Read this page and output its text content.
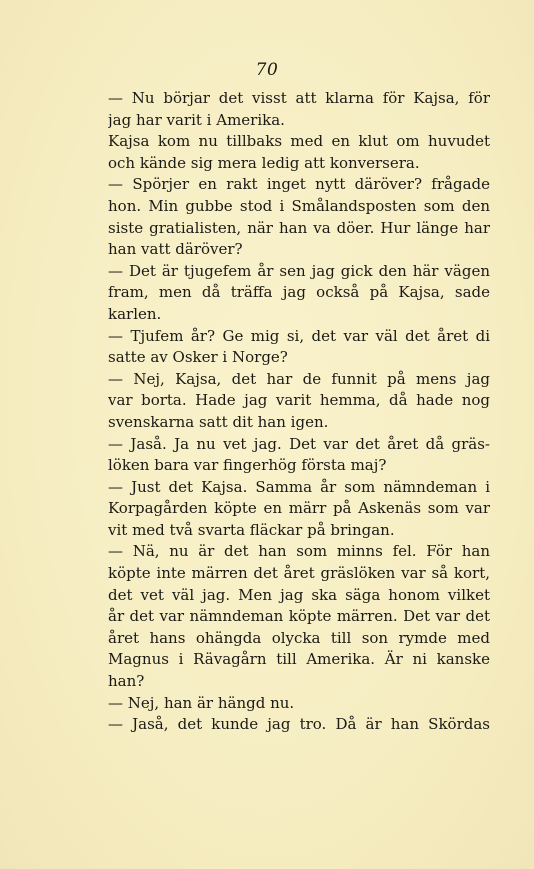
70
— Nu börjar det visst att klarna för Kajsa, för
jag har varit i Amerika.
Kajsa kom nu tillbaks med en klut om huvudet
och kände sig mera ledig att konversera.
— Spörjer en rakt inget nytt däröver? frågade
hon. Min gubbe stod i Smålandsposten som den
siste gratialisten, när han va döer. Hur länge har
han vatt däröver?
— Det är tjugefem år sen jag gick den här vägen
fram, men då träffa jag också på Kajsa, sade
karlen.
— Tjufem år? Ge mig si, det var väl det året di
satte av Osker i Norge?
— Nej, Kajsa, det har de funnit på mens jag
var borta. Hade jag varit hemma, då hade nog
svenskarna satt dit han igen.
— Jaså. Ja nu vet jag. Det var det året då gräs-
löken bara var fingerhög första maj?
— Just det Kajsa. Samma år som nämndeman i
Korpagården köpte en märr på Askenäs som var
vit med två svarta fläckar på bringan.
— Nä, nu är det han som minns fel. För han
köpte inte märren det året gräslöken var så kort,
det vet väl jag. Men jag ska säga honom vilket
år det var nämndeman köpte märren. Det var det
året hans ohängda olycka till son rymde med
Magnus i Rävagårn till Amerika. Är ni kanske
han?
— Nej, han är hängd nu.
— Jaså, det kunde jag tro. Då är han Skördas
